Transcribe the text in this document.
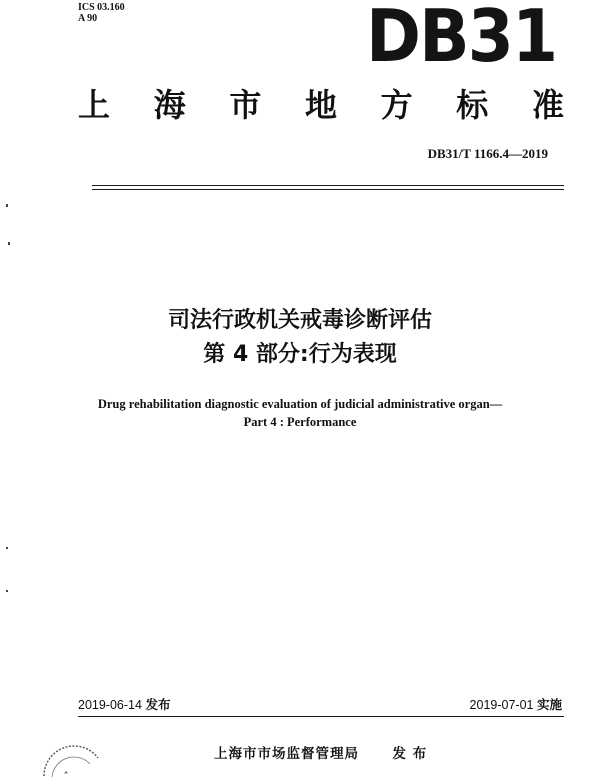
ICS 03.160
A 90	DB31
上 海 市 地 方 标 准
DB31/T 1166.4—2019
司法行政机关戒毒诊断评估
第 4 部分:行为表现
Drug rehabilitation diagnostic evaluation of judicial administrative organ—
Part 4 : Performance
2019-06-14 发布	2019-07-01 实施
上海市市场监督管理局 发 布
